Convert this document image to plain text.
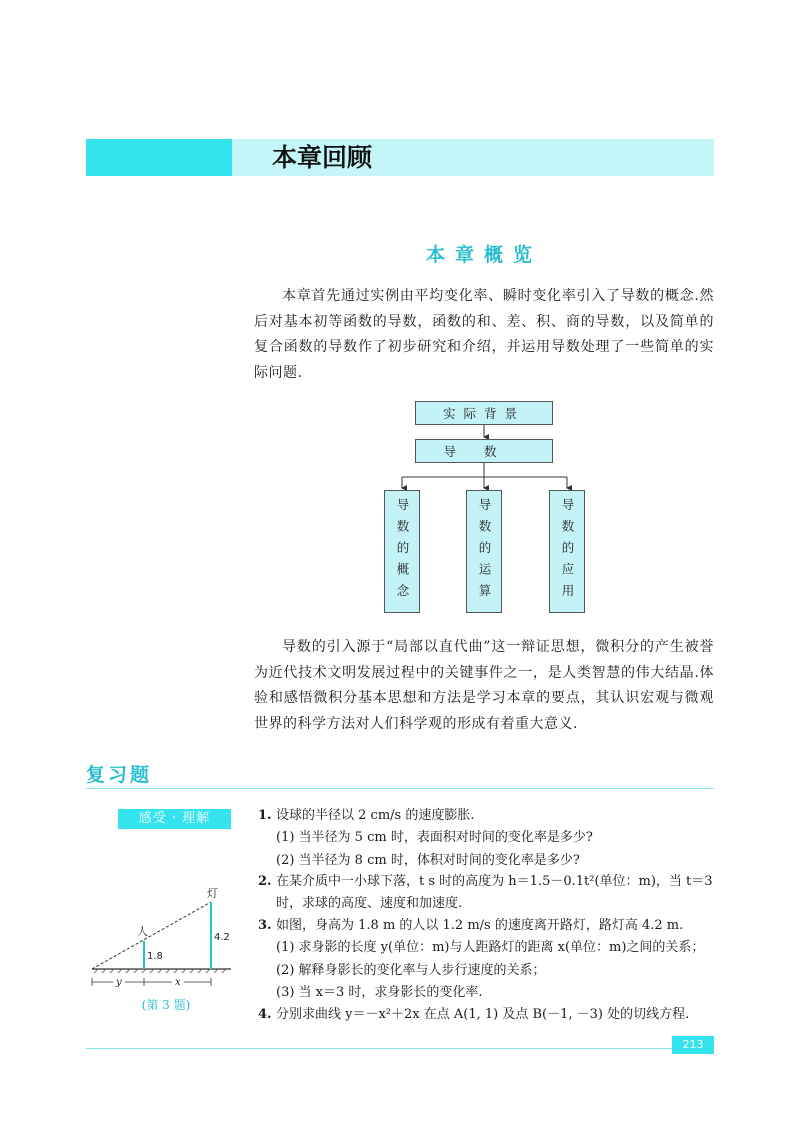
本章回顾
本章概览
本章首先通过实例由平均变化率、瞬时变化率引入了导数的概念.然后对基本初等函数的导数，函数的和、差、积、商的导数，以及简单的复合函数的导数作了初步研究和介绍，并运用导数处理了一些简单的实际问题.
实际背景
导数
导数的概念	导数的运算	导数的应用
导数的引入源于“局部以直代曲”这一辩证思想，微积分的产生被誉为近代技术文明发展过程中的关键事件之一，是人类智慧的伟大结晶.体验和感悟微积分基本思想和方法是学习本章的要点，其认识宏观与微观世界的科学方法对人们科学观的形成有着重大意义.
复习题
感受 · 理解	1. 设球的半径以 2 cm/s 的速度膨胀.
(1) 当半径为 5 cm 时，表面积对时间的变化率是多少?
(2) 当半径为 8 cm 时，体积对时间的变化率是多少?
2. 在某介质中一小球下落，t s 时的高度为 h＝1.5－0.1t²(单位：m)，当 t＝3
时，求球的高度、速度和加速度.
3. 如图，身高为 1.8 m 的人以 1.2 m/s 的速度离开路灯，路灯高 4.2 m.
(1) 求身影的长度 y(单位：m)与人距路灯的距离 x(单位：m)之间的关系；
(2) 解释身影长的变化率与人步行速度的关系；
(3) 当 x＝3 时，求身影长的变化率.
4. 分别求曲线 y＝－x²＋2x 在点 A(1, 1) 及点 B(－1, －3) 处的切线方程.
灯
人	4.2
1.8
y	x
(第 3 题)
213
